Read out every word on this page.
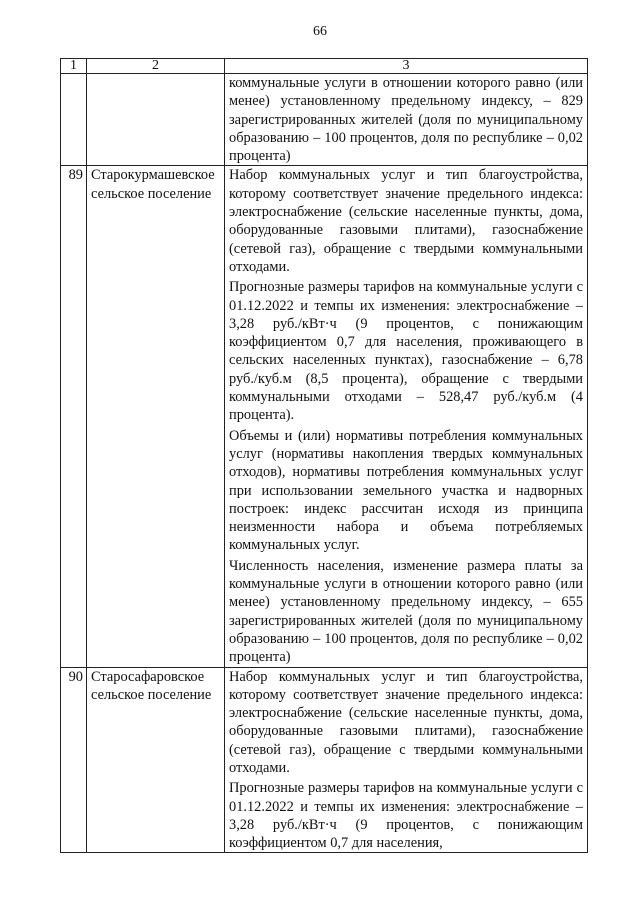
66
1	2	3

		коммунальные услуги в отношении которого равно (или менее) установленному предельному индексу, – 829 зарегистрированных жителей (доля по муниципальному образованию – 100 процентов, доля по республике – 0,02 процента)

89	Старокурмашевское сельское поселение	Набор коммунальных услуг и тип благоустройства, которому соответствует значение предельного индекса: электроснабжение (сельские населенные пункты, дома, оборудованные газовыми плитами), газоснабжение (сетевой газ), обращение с твердыми коммунальными отходами.

Прогнозные размеры тарифов на коммунальные услуги с 01.12.2022 и темпы их изменения: электроснабжение – 3,28 руб./кВт·ч (9 процентов, с понижающим коэффициентом 0,7 для населения, проживающего в сельских населенных пунктах), газоснабжение – 6,78 руб./куб.м (8,5 процента), обращение с твердыми коммунальными отходами – 528,47 руб./куб.м (4 процента).

Объемы и (или) нормативы потребления коммунальных услуг (нормативы накопления твердых коммунальных отходов), нормативы потребления коммунальных услуг при использовании земельного участка и надворных построек: индекс рассчитан исходя из принципа неизменности набора и объема потребляемых коммунальных услуг.

Численность населения, изменение размера платы за коммунальные услуги в отношении которого равно (или менее) установленному предельному индексу, – 655 зарегистрированных жителей (доля по муниципальному образованию – 100 процентов, доля по республике – 0,02 процента)

90	Старосафаровское сельское поселение	Набор коммунальных услуг и тип благоустройства, которому соответствует значение предельного индекса: электроснабжение (сельские населенные пункты, дома, оборудованные газовыми плитами), газоснабжение (сетевой газ), обращение с твердыми коммунальными отходами.

Прогнозные размеры тарифов на коммунальные услуги с 01.12.2022 и темпы их изменения: электроснабжение – 3,28 руб./кВт·ч (9 процентов, с понижающим коэффициентом 0,7 для населения,
